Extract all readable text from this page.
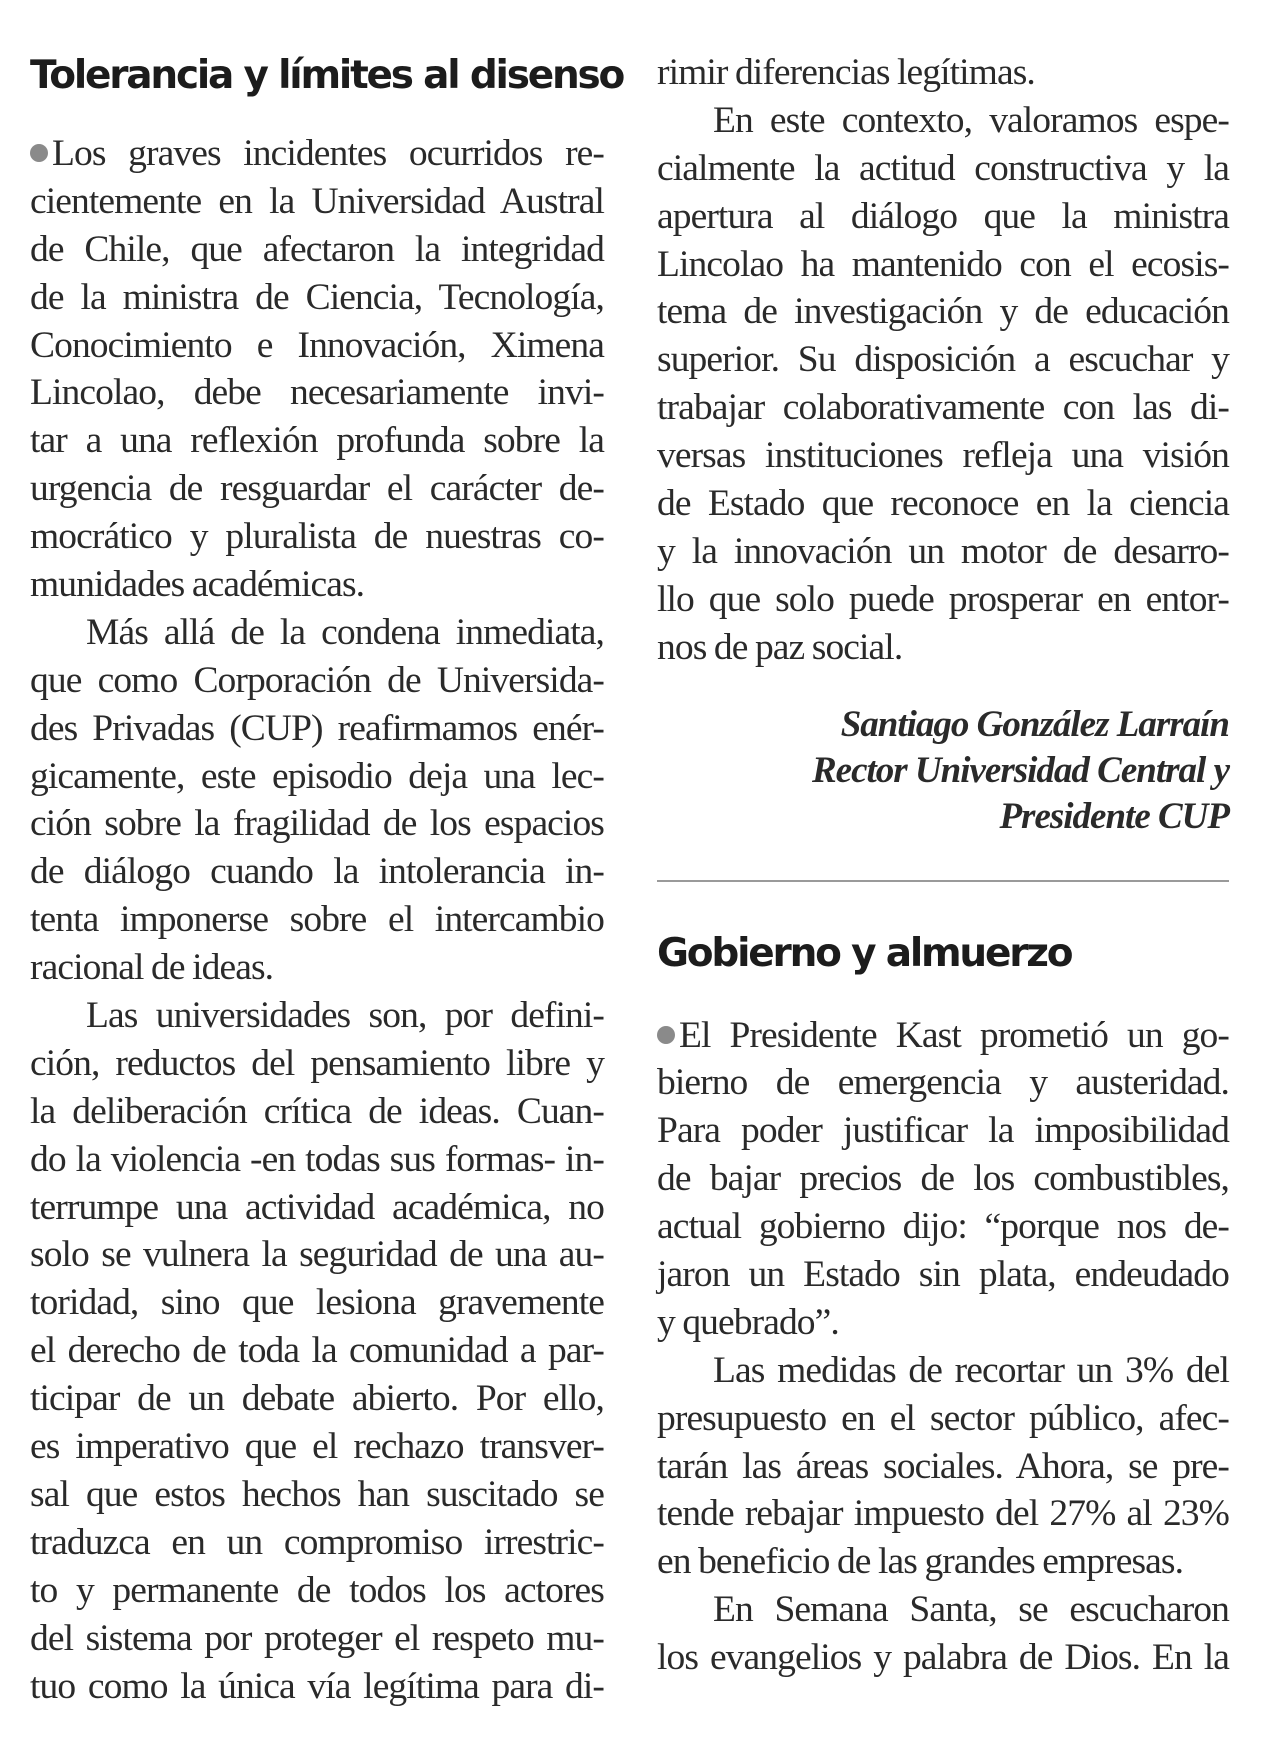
Tolerancia y límites al disenso
Los graves incidentes ocurridos re-
cientemente en la Universidad Austral
de Chile, que afectaron la integridad
de la ministra de Ciencia, Tecnología,
Conocimiento e Innovación, Ximena
Lincolao, debe necesariamente invi-
tar a una reflexión profunda sobre la
urgencia de resguardar el carácter de-
mocrático y pluralista de nuestras co-
munidades académicas.
Más allá de la condena inmediata,
que como Corporación de Universida-
des Privadas (CUP) reafirmamos enér-
gicamente, este episodio deja una lec-
ción sobre la fragilidad de los espacios
de diálogo cuando la intolerancia in-
tenta imponerse sobre el intercambio
racional de ideas.
Las universidades son, por defini-
ción, reductos del pensamiento libre y
la deliberación crítica de ideas. Cuan-
do la violencia -en todas sus formas- in-
terrumpe una actividad académica, no
solo se vulnera la seguridad de una au-
toridad, sino que lesiona gravemente
el derecho de toda la comunidad a par-
ticipar de un debate abierto. Por ello,
es imperativo que el rechazo transver-
sal que estos hechos han suscitado se
traduzca en un compromiso irrestric-
to y permanente de todos los actores
del sistema por proteger el respeto mu-
tuo como la única vía legítima para di-
rimir diferencias legítimas.
En este contexto, valoramos espe-
cialmente la actitud constructiva y la
apertura al diálogo que la ministra
Lincolao ha mantenido con el ecosis-
tema de investigación y de educación
superior. Su disposición a escuchar y
trabajar colaborativamente con las di-
versas instituciones refleja una visión
de Estado que reconoce en la ciencia
y la innovación un motor de desarro-
llo que solo puede prosperar en entor-
nos de paz social.
Santiago González Larraín
Rector Universidad Central y
Presidente CUP
Gobierno y almuerzo
El Presidente Kast prometió un go-
bierno de emergencia y austeridad.
Para poder justificar la imposibilidad
de bajar precios de los combustibles,
actual gobierno dijo: “porque nos de-
jaron un Estado sin plata, endeudado
y quebrado”.
Las medidas de recortar un 3% del
presupuesto en el sector público, afec-
tarán las áreas sociales. Ahora, se pre-
tende rebajar impuesto del 27% al 23%
en beneficio de las grandes empresas.
En Semana Santa, se escucharon
los evangelios y palabra de Dios. En la
